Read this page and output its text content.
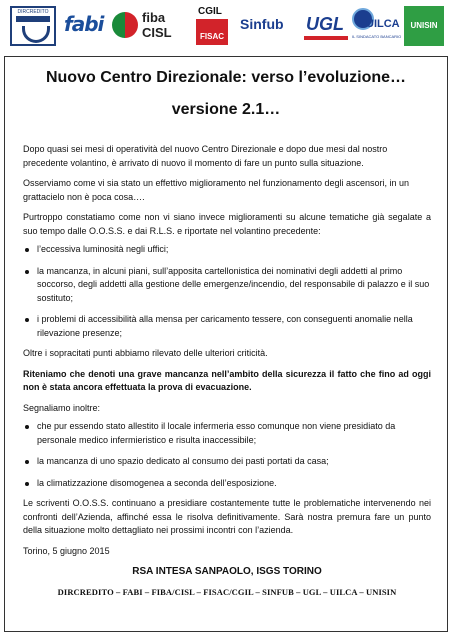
DIRCREDITO fabi	fiba
CISL
CGIL
FISAC
Sinfub UGL UILCA
IL SINDACATO BANCARIO
UNISIN
Nuovo Centro Direzionale: verso l’evoluzione…
versione 2.1…

Dopo quasi sei mesi di operatività del nuovo Centro Direzionale e dopo due mesi dal nostro precedente volantino, è arrivato di nuovo il momento di fare un punto sulla situazione.

Osserviamo come vi sia stato un effettivo miglioramento nel funzionamento degli ascensori, in un grattacielo non è poca cosa….

Purtroppo constatiamo come non vi siano invece miglioramenti su alcune tematiche già segalate a suo tempo dalle O.O.S.S. e dai R.L.S. e riportate nel volantino precedente:

l’eccessiva luminosità negli uffici;
la mancanza, in alcuni piani, sull’apposita cartellonistica dei nominativi degli addetti al primo soccorso, degli addetti alla gestione delle emergenze/incendio, del responsabile di palazzo e il suo sostituto;
i problemi di accessibilità alla mensa per caricamento tessere, con conseguenti anomalie nella rilevazione presenze;

Oltre i sopracitati punti abbiamo rilevato delle ulteriori criticità.

Riteniamo che denoti una grave mancanza nell’ambito della sicurezza il fatto che fino ad oggi non è stata ancora effettuata la prova di evacuazione.

Segnaliamo inoltre:

che pur essendo stato allestito il locale infermeria esso comunque non viene presidiato da personale medico infermieristico e risulta inaccessibile;
la mancanza di uno spazio dedicato al consumo dei pasti portati da casa;
la climatizzazione disomogenea a seconda dell’esposizione.

Le scriventi O.O.S.S. continuano a presidiare costantemente tutte le problematiche intervenendo nei confronti dell’Azienda, affinché essa le risolva definitivamente. Sarà nostra premura fare un punto della situazione molto dettagliato nei prossimi incontri con l’azienda.

Torino, 5 giugno 2015

RSA INTESA SANPAOLO, ISGS TORINO

DIRCREDITO – FABI – FIBA/CISL – FISAC/CGIL – SINFUB – UGL – UILCA – UNISIN
